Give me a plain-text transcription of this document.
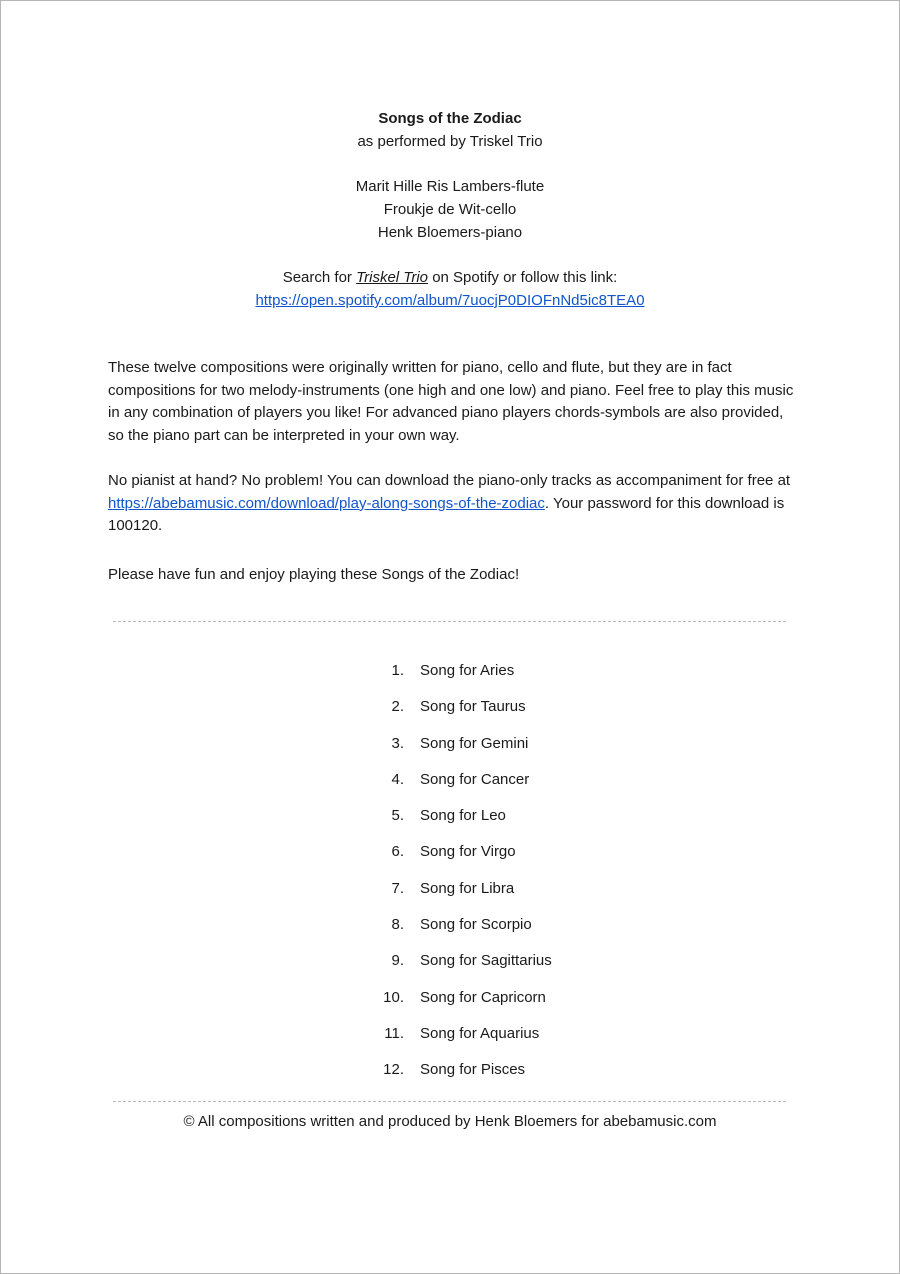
Songs of the Zodiac
as performed by Triskel Trio
Marit Hille Ris Lambers-flute
Froukje de Wit-cello
Henk Bloemers-piano
Search for Triskel Trio on Spotify or follow this link:
https://open.spotify.com/album/7uocjP0DIOFnNd5ic8TEA0
These twelve compositions were originally written for piano, cello and flute, but they are in fact compositions for two melody-instruments (one high and one low) and piano. Feel free to play this music in any combination of players you like! For advanced piano players chords-symbols are also provided, so the piano part can be interpreted in your own way.
No pianist at hand? No problem! You can download the piano-only tracks as accompaniment for free at https://abebamusic.com/download/play-along-songs-of-the-zodiac. Your password for this download is 100120.
Please have fun and enjoy playing these Songs of the Zodiac!
1.	Song for Aries
2.	Song for Taurus
3.	Song for Gemini
4.	Song for Cancer
5.	Song for Leo
6.	Song for Virgo
7.	Song for Libra
8.	Song for Scorpio
9.	Song for Sagittarius
10.	Song for Capricorn
11.	Song for Aquarius
12.	Song for Pisces
© All compositions written and produced by Henk Bloemers for abebamusic.com
